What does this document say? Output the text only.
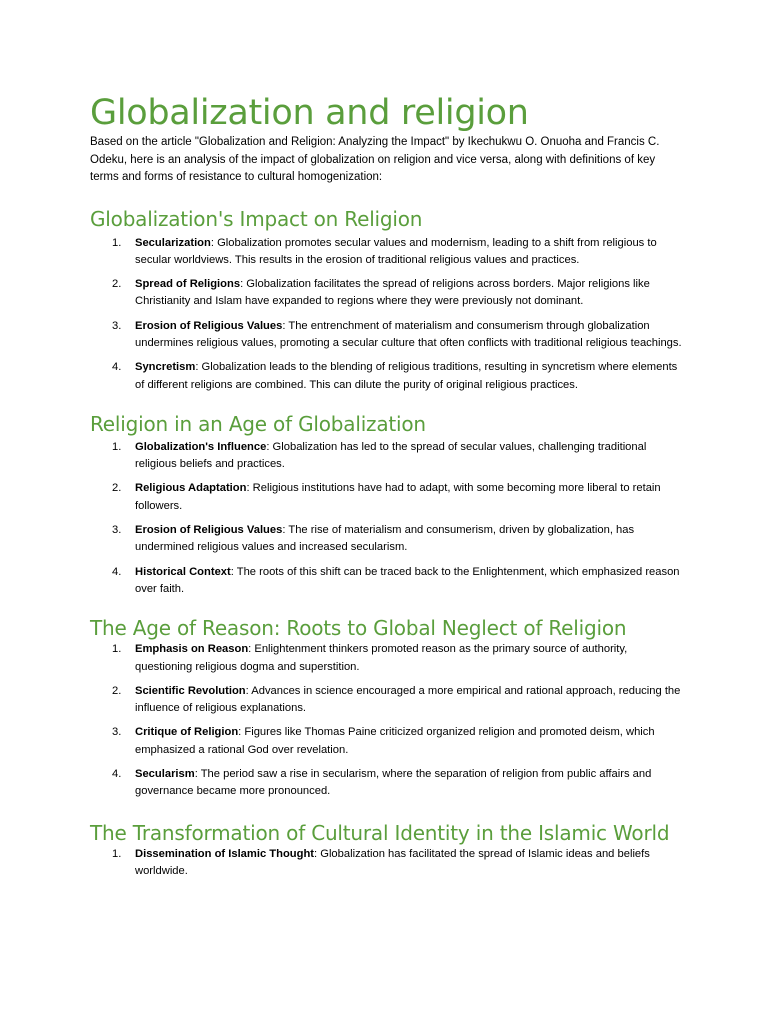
Globalization and religion

Based on the article "Globalization and Religion: Analyzing the Impact" by Ikechukwu O. Onuoha and Francis C. Odeku, here is an analysis of the impact of globalization on religion and vice versa, along with definitions of key terms and forms of resistance to cultural homogenization:

Globalization's Impact on Religion
1. Secularization: Globalization promotes secular values and modernism, leading to a shift from religious to secular worldviews. This results in the erosion of traditional religious values and practices.
2. Spread of Religions: Globalization facilitates the spread of religions across borders. Major religions like Christianity and Islam have expanded to regions where they were previously not dominant.
3. Erosion of Religious Values: The entrenchment of materialism and consumerism through globalization undermines religious values, promoting a secular culture that often conflicts with traditional religious teachings.
4. Syncretism: Globalization leads to the blending of religious traditions, resulting in syncretism where elements of different religions are combined. This can dilute the purity of original religious practices.
Religion in an Age of Globalization
1. Globalization's Influence: Globalization has led to the spread of secular values, challenging traditional religious beliefs and practices.
2. Religious Adaptation: Religious institutions have had to adapt, with some becoming more liberal to retain followers.
3. Erosion of Religious Values: The rise of materialism and consumerism, driven by globalization, has undermined religious values and increased secularism.
4. Historical Context: The roots of this shift can be traced back to the Enlightenment, which emphasized reason over faith.
The Age of Reason: Roots to Global Neglect of Religion
1. Emphasis on Reason: Enlightenment thinkers promoted reason as the primary source of authority, questioning religious dogma and superstition.
2. Scientific Revolution: Advances in science encouraged a more empirical and rational approach, reducing the influence of religious explanations.
3. Critique of Religion: Figures like Thomas Paine criticized organized religion and promoted deism, which emphasized a rational God over revelation.
4. Secularism: The period saw a rise in secularism, where the separation of religion from public affairs and governance became more pronounced.
The Transformation of Cultural Identity in the Islamic World
1. Dissemination of Islamic Thought: Globalization has facilitated the spread of Islamic ideas and beliefs worldwide.
